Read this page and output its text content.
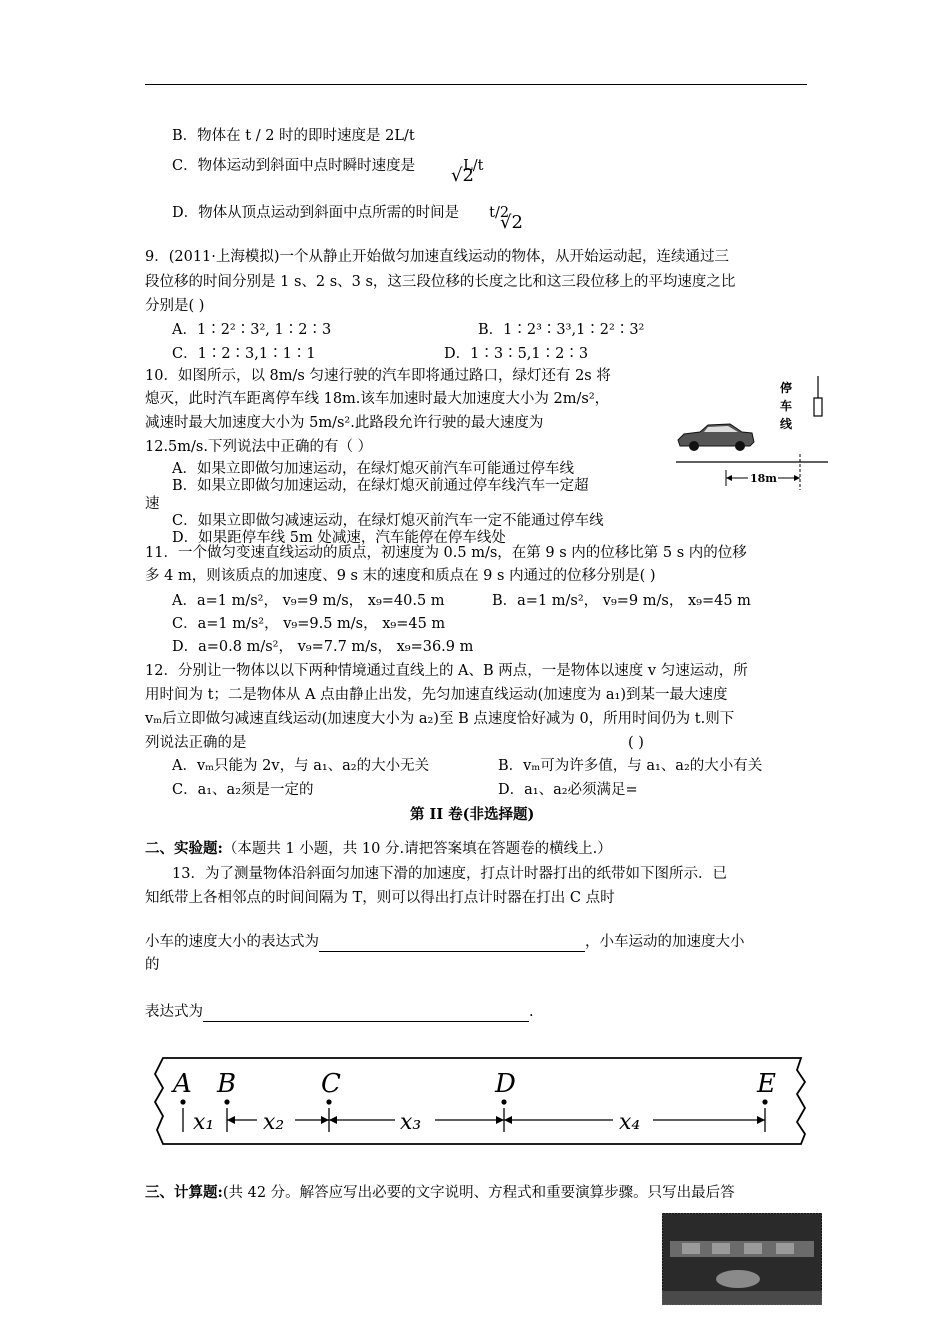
B．物体在 t / 2 时的即时速度是 2L/t
C．物体运动到斜面中点时瞬时速度是	L/t
√2
D．物体从顶点运动到斜面中点所需的时间是 t/2
√2
9．(2011·上海模拟)一个从静止开始做匀加速直线运动的物体，从开始运动起，连续通过三
段位移的时间分别是 1 s、2 s、3 s，这三段位移的长度之比和这三段位移上的平均速度之比
分别是( )
A．1∶2²∶3², 1∶2∶3	B．1∶2³∶3³,1∶2²∶3²
C．1∶2∶3,1∶1∶1	D．1∶3∶5,1∶2∶3
10．如图所示，以 8m/s 匀速行驶的汽车即将通过路口，绿灯还有 2s 将
熄灭，此时汽车距离停车线 18m.该车加速时最大加速度大小为 2m/s²，
减速时最大加速度大小为 5m/s².此路段允许行驶的最大速度为
12.5m/s.下列说法中正确的有（ ）
A．如果立即做匀加速运动，在绿灯熄灭前汽车可能通过停车线
B．如果立即做匀加速运动，在绿灯熄灭前通过停车线汽车一定超
速
C．如果立即做匀减速运动，在绿灯熄灭前汽车一定不能通过停车线
D．如果距停车线 5m 处减速，汽车能停在停车线处
停
车
线
18m
11．一个做匀变速直线运动的质点，初速度为 0.5 m/s，在第 9 s 内的位移比第 5 s 内的位移
多 4 m，则该质点的加速度、9 s 末的速度和质点在 9 s 内通过的位移分别是( )
A．a=1 m/s²， v₉=9 m/s， x₉=40.5 m	B．a=1 m/s²， v₉=9 m/s， x₉=45 m
C．a=1 m/s²， v₉=9.5 m/s， x₉=45 m
D．a=0.8 m/s²， v₉=7.7 m/s， x₉=36.9 m
12．分别让一物体以以下两种情境通过直线上的 A、B 两点，一是物体以速度 v 匀速运动，所
用时间为 t；二是物体从 A 点由静止出发，先匀加速直线运动(加速度为 a₁)到某一最大速度
vₘ后立即做匀减速直线运动(加速度大小为 a₂)至 B 点速度恰好减为 0，所用时间仍为 t.则下
列说法正确的是	( )
A．vₘ只能为 2v，与 a₁、a₂的大小无关	B．vₘ可为许多值，与 a₁、a₂的大小有关
C．a₁、a₂须是一定的	D．a₁、a₂必须满足=
第 II 卷(非选择题)
二、实验题:（本题共 1 小题，共 10 分.请把答案填在答题卷的横线上.）
13．为了测量物体沿斜面匀加速下滑的加速度，打点计时器打出的纸带如下图所示．已
知纸带上各相邻点的时间间隔为 T，则可以得出打点计时器在打出 C 点时
小车的速度大小的表达式为	，小车运动的加速度大小
的
表达式为	.
A B	C	D	E
x₁ x₂	x₃	x₄
三、计算题:(共 42 分。解答应写出必要的文字说明、方程式和重要演算步骤。只写出最后答
